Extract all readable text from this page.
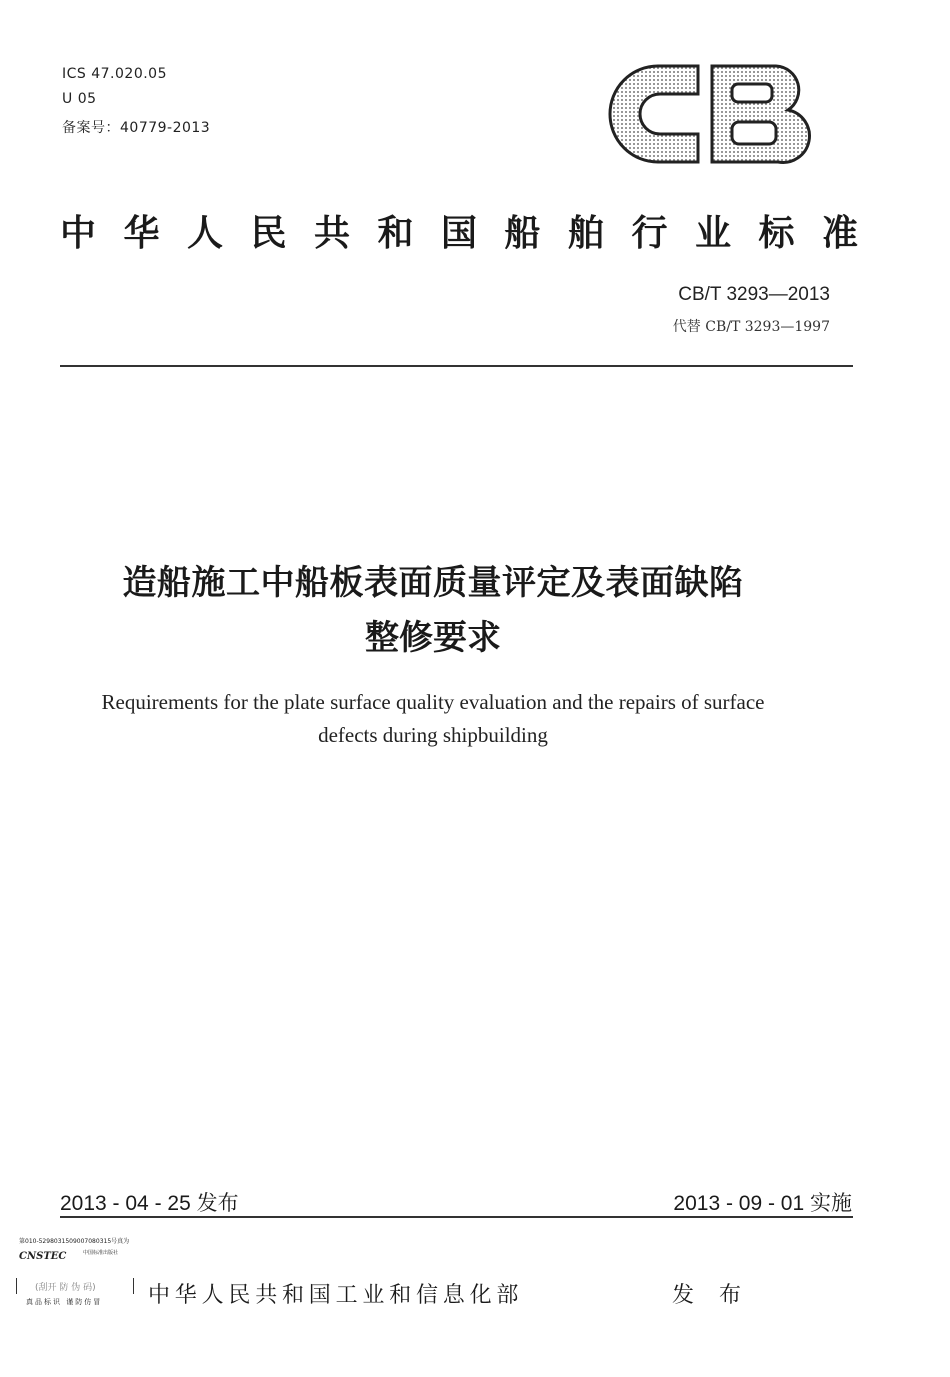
ICS 47.020.05
U 05
备案号：40779-2013
中华人民共和国船舶行业标准
CB/T 3293—2013
代替 CB/T 3293—1997
造船施工中船板表面质量评定及表面缺陷
整修要求
Requirements for the plate surface quality evaluation and the repairs of surface
defects during shipbuilding
2013 - 04 - 25 发布	2013 - 09 - 01 实施
第010-5298031509007080315号真为
CNSTEC	中国标准出版社
(刮开 防 伪 码)
真品标识 谨防仿冒 中华人民共和国工业和信息化部	发 布
